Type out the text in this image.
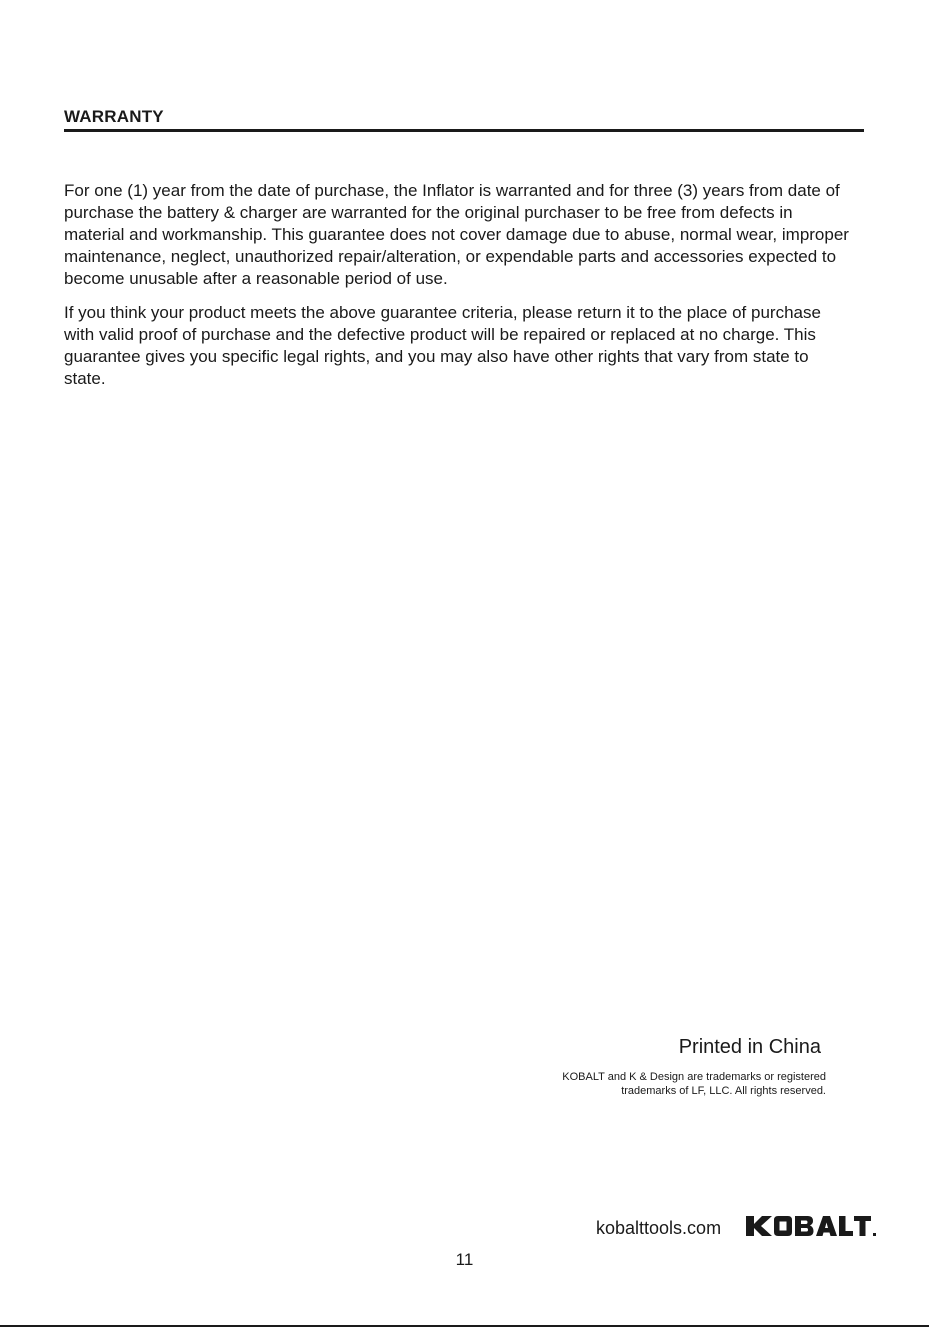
WARRANTY

For one (1) year from the date of purchase, the Inflator is warranted and for three (3) years from date of purchase the battery & charger are warranted for the original purchaser to be free from defects in material and workmanship. This guarantee does not cover damage due to abuse, normal wear, improper maintenance, neglect, unauthorized repair/alteration, or expendable parts and accessories expected to become unusable after a reasonable period of use.

If you think your product meets the above guarantee criteria, please return it to the place of purchase with valid proof of purchase and the defective product will be repaired or replaced at no charge. This guarantee gives you specific legal rights, and you may also have other rights that vary from state to state.

Printed in China

KOBALT and K & Design are trademarks or registered
trademarks of LF, LLC. All rights reserved.

kobalttools.com

11
